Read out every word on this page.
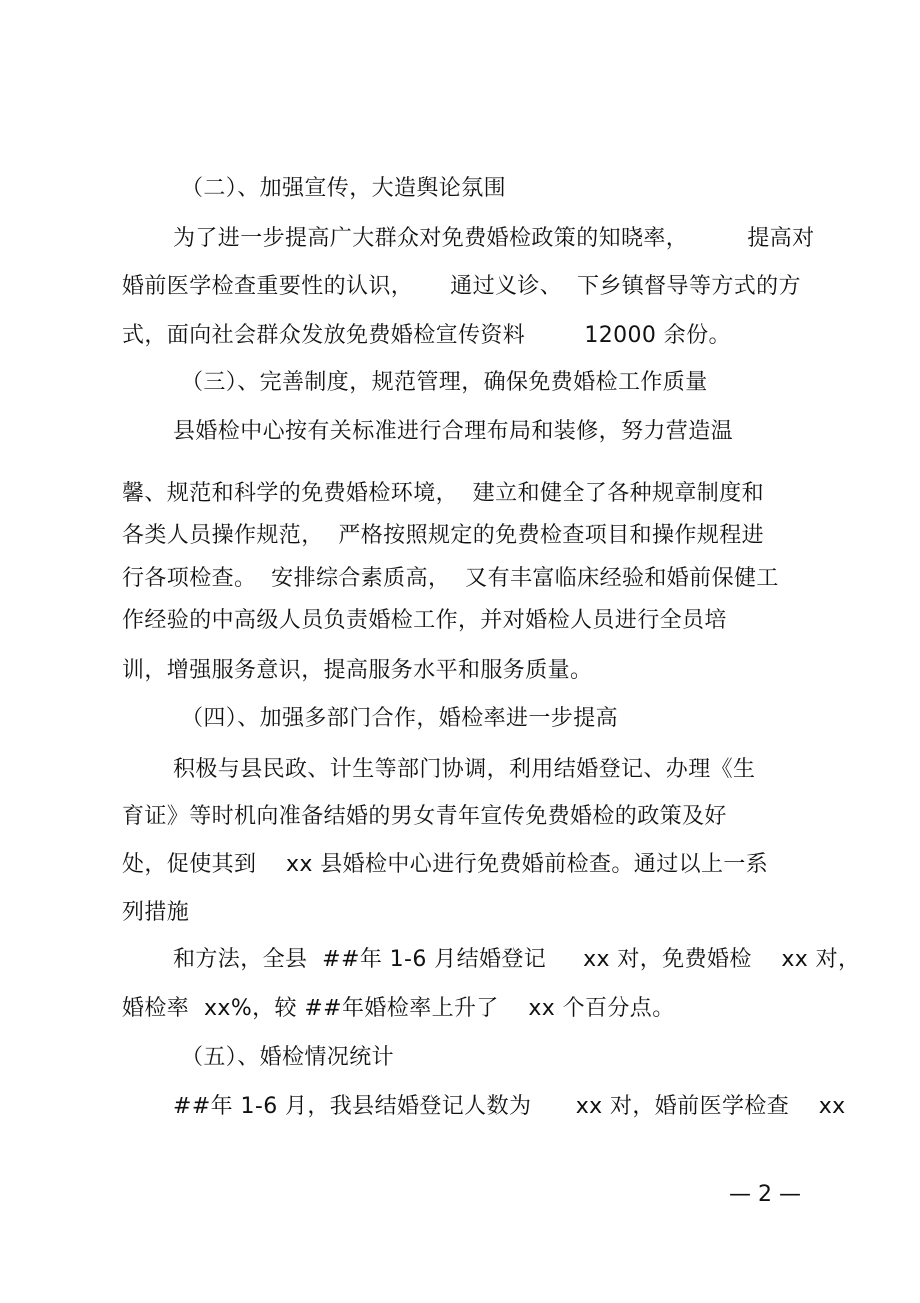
（二）、加强宣传，大造舆论氛围
为了进一步提高广大群众对免费婚检政策的知晓率，        提高对
婚前医学检查重要性的认识，     通过义诊、  下乡镇督导等方式的方
式，面向社会群众发放免费婚检宣传资料        12000 余份。
（三）、完善制度，规范管理，确保免费婚检工作质量
县婚检中心按有关标准进行合理布局和装修，努力营造温
馨、规范和科学的免费婚检环境，  建立和健全了各种规章制度和
各类人员操作规范，  严格按照规定的免费检查项目和操作规程进
行各项检查。  安排综合素质高，  又有丰富临床经验和婚前保健工
作经验的中高级人员负责婚检工作，并对婚检人员进行全员培
训，增强服务意识，提高服务水平和服务质量。
（四）、加强多部门合作，婚检率进一步提高
积极与县民政、计生等部门协调，利用结婚登记、办理《生
育证》等时机向准备结婚的男女青年宣传免费婚检的政策及好
处，促使其到    xx 县婚检中心进行免费婚前检查。通过以上一系
列措施
和方法，全县  ##年 1-6 月结婚登记     xx 对，免费婚检    xx 对，
婚检率  xx%，较 ##年婚检率上升了    xx 个百分点。
（五）、婚检情况统计
##年 1-6 月，我县结婚登记人数为      xx 对，婚前医学检查    xx
— 2 —
